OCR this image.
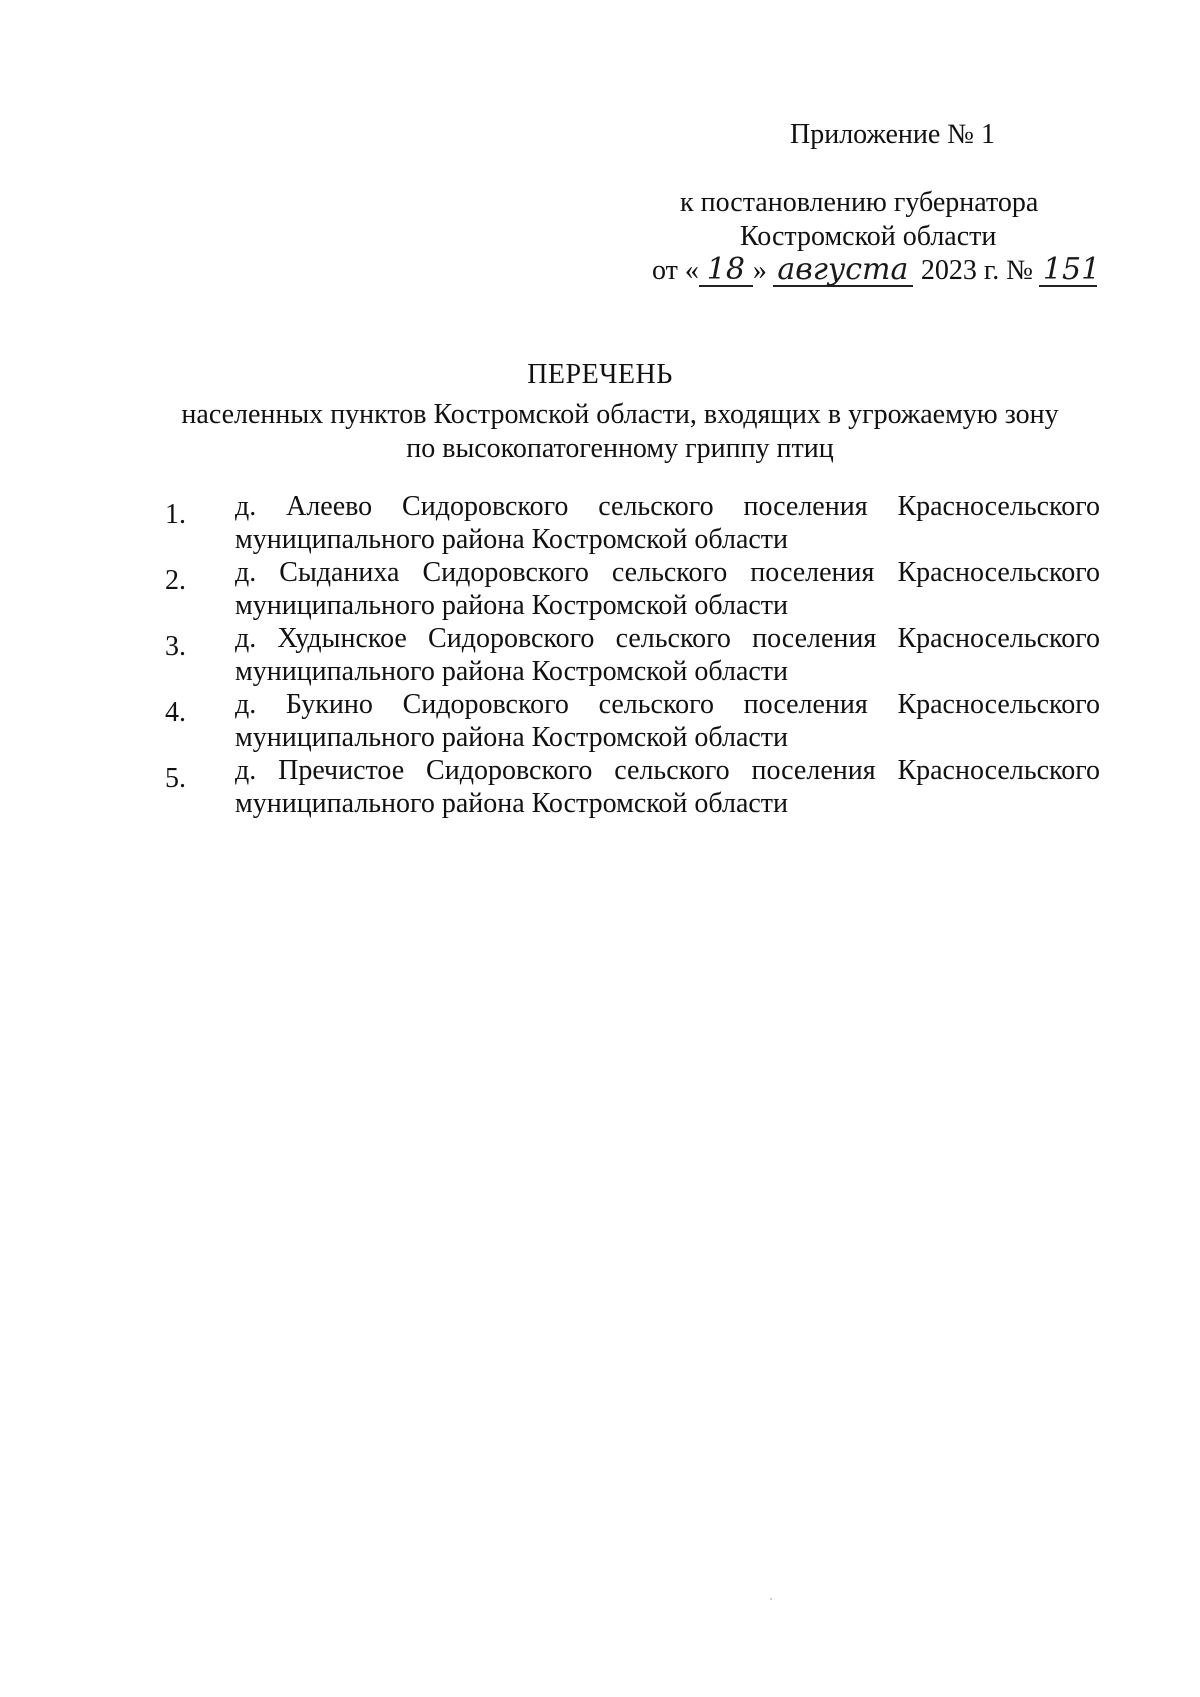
Приложение № 1
к постановлению губернатора
Костромской области
от « 18 » августа 2023 г. № 151
ПЕРЕЧЕНЬ
населенных пунктов Костромской области, входящих в угрожаемую зону
по высокопатогенному гриппу птиц
1. д. Алеево Сидоровского сельского поселения Красносельского
муниципального района Костромской области
2. д. Сыданиха Сидоровского сельского поселения Красносельского
муниципального района Костромской области
3. д. Худынское Сидоровского сельского поселения Красносельского
муниципального района Костромской области
4. д. Букино Сидоровского сельского поселения Красносельского
муниципального района Костромской области
5. д. Пречистое Сидоровского сельского поселения Красносельского
муниципального района Костромской области
